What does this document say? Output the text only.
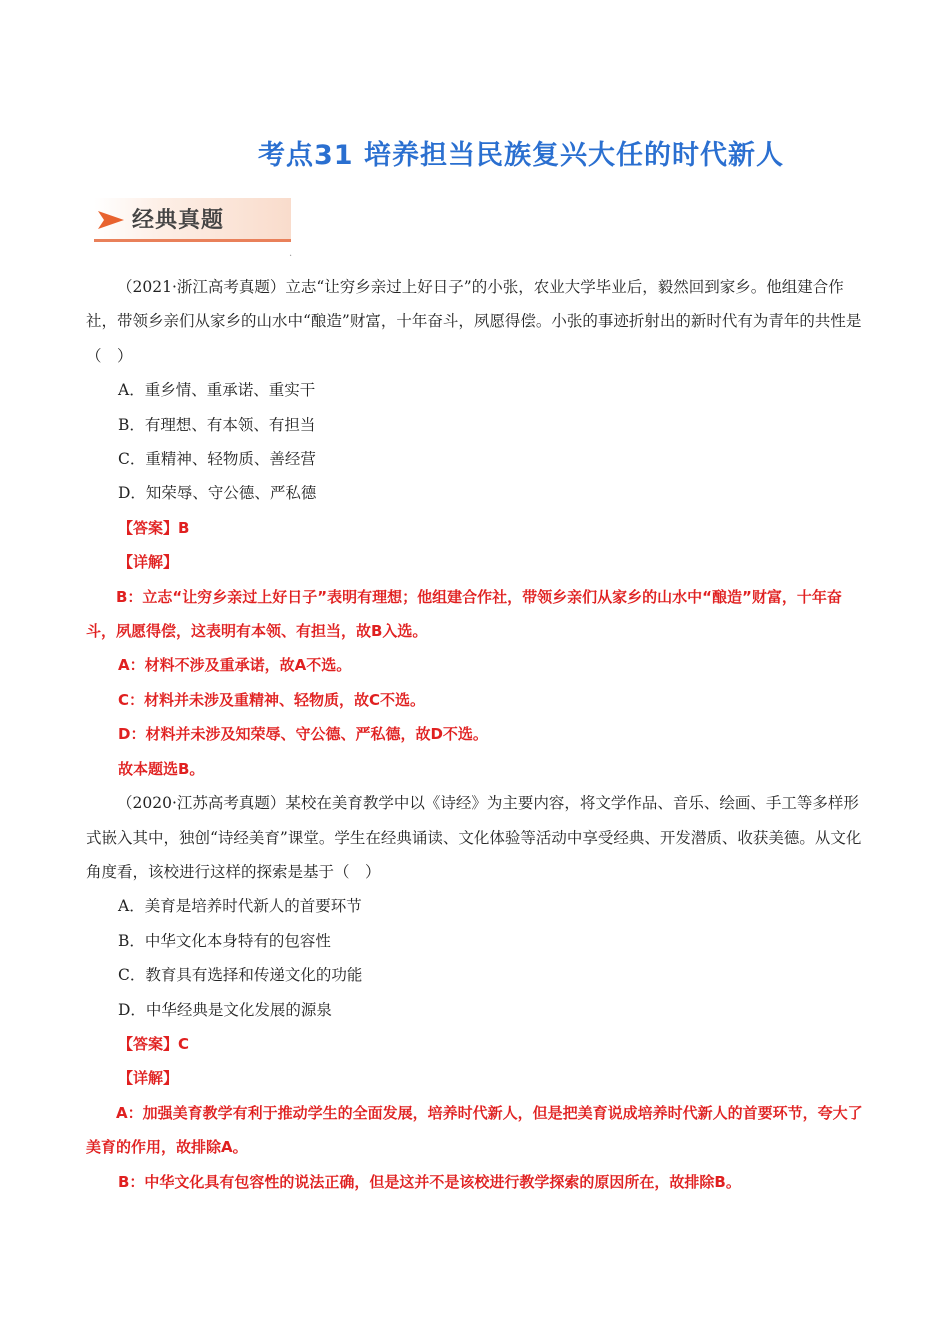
考点31 培养担当民族复兴大任的时代新人
经典真题
.

（2021·浙江高考真题）立志“让穷乡亲过上好日子”的小张，农业大学毕业后，毅然回到家乡。他组建合作社，带领乡亲们从家乡的山水中“酿造”财富，十年奋斗，夙愿得偿。小张的事迹折射出的新时代有为青年的共性是（　）

A．重乡情、重承诺、重实干

B．有理想、有本领、有担当

C．重精神、轻物质、善经营

D．知荣辱、守公德、严私德

【答案】B

【详解】

B：立志“让穷乡亲过上好日子”表明有理想；他组建合作社，带领乡亲们从家乡的山水中“酿造”财富，十年奋斗，夙愿得偿，这表明有本领、有担当，故B入选。

A：材料不涉及重承诺，故A不选。

C：材料并未涉及重精神、轻物质，故C不选。

D：材料并未涉及知荣辱、守公德、严私德，故D不选。

故本题选B。

（2020·江苏高考真题）某校在美育教学中以《诗经》为主要内容，将文学作品、音乐、绘画、手工等多样形式嵌入其中，独创“诗经美育”课堂。学生在经典诵读、文化体验等活动中享受经典、开发潜质、收获美德。从文化角度看，该校进行这样的探索是基于（　）

A．美育是培养时代新人的首要环节

B．中华文化本身特有的包容性

C．教育具有选择和传递文化的功能

D．中华经典是文化发展的源泉

【答案】C

【详解】

A：加强美育教学有利于推动学生的全面发展，培养时代新人，但是把美育说成培养时代新人的首要环节，夸大了美育的作用，故排除A。

B：中华文化具有包容性的说法正确，但是这并不是该校进行教学探索的原因所在，故排除B。
